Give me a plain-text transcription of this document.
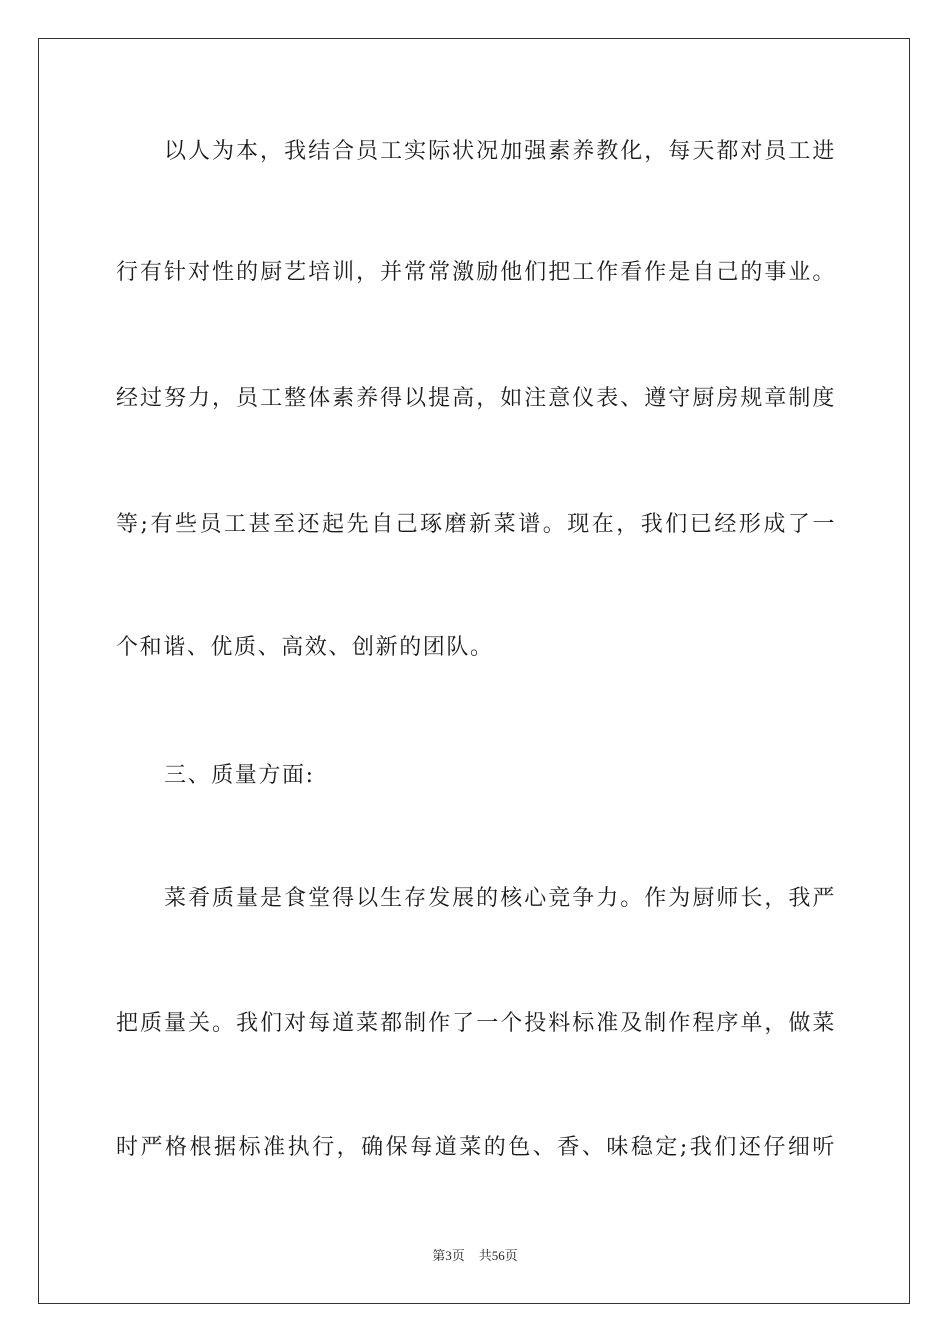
以人为本，我结合员工实际状况加强素养教化，每天都对员工进
行有针对性的厨艺培训，并常常激励他们把工作看作是自己的事业。
经过努力，员工整体素养得以提高，如注意仪表、遵守厨房规章制度
等;有些员工甚至还起先自己琢磨新菜谱。现在，我们已经形成了一
个和谐、优质、高效、创新的团队。
三、质量方面:
菜肴质量是食堂得以生存发展的核心竞争力。作为厨师长，我严
把质量关。我们对每道菜都制作了一个投料标准及制作程序单，做菜
时严格根据标准执行，确保每道菜的色、香、味稳定;我们还仔细听
第3页 共56页
